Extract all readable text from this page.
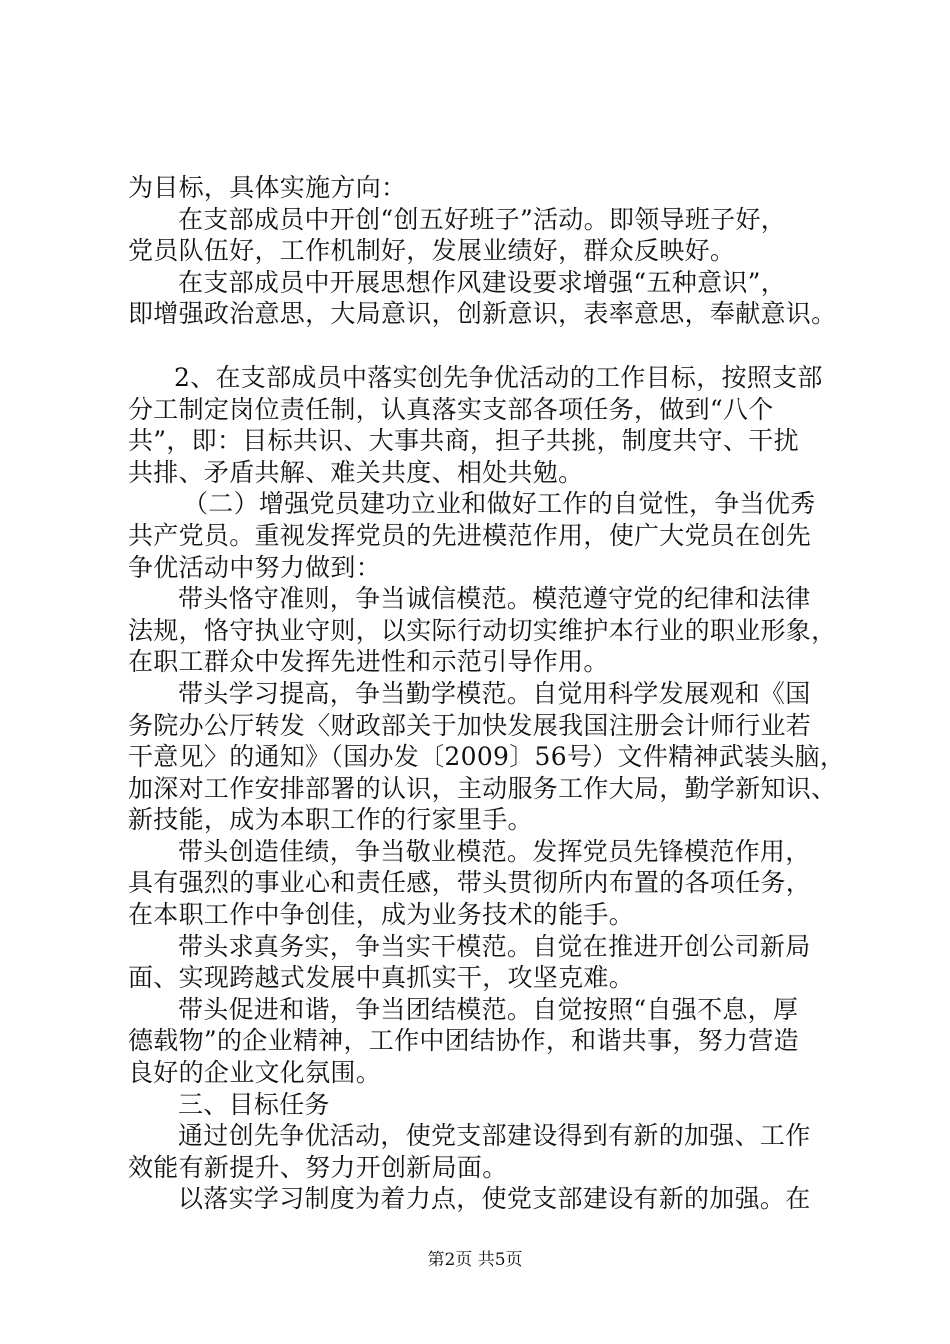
为目标，具体实施方向：
在支部成员中开创“创五好班子”活动。即领导班子好，
党员队伍好，工作机制好，发展业绩好，群众反映好。
在支部成员中开展思想作风建设要求增强“五种意识”，
即增强政治意思，大局意识，创新意识，表率意思，奉献意识。
2、在支部成员中落实创先争优活动的工作目标，按照支部
分工制定岗位责任制，认真落实支部各项任务，做到“八个
共”，即：目标共识、大事共商，担子共挑，制度共守、干扰
共排、矛盾共解、难关共度、相处共勉。
（二）增强党员建功立业和做好工作的自觉性，争当优秀
共产党员。重视发挥党员的先进模范作用，使广大党员在创先
争优活动中努力做到：
带头恪守准则，争当诚信模范。模范遵守党的纪律和法律
法规，恪守执业守则，以实际行动切实维护本行业的职业形象，
在职工群众中发挥先进性和示范引导作用。
带头学习提高，争当勤学模范。自觉用科学发展观和《国
务院办公厅转发〈财政部关于加快发展我国注册会计师行业若
干意见〉的通知》（国办发〔2009〕56号）文件精神武装头脑，
加深对工作安排部署的认识，主动服务工作大局，勤学新知识、
新技能，成为本职工作的行家里手。
带头创造佳绩，争当敬业模范。发挥党员先锋模范作用，
具有强烈的事业心和责任感，带头贯彻所内布置的各项任务，
在本职工作中争创佳，成为业务技术的能手。
带头求真务实，争当实干模范。自觉在推进开创公司新局
面、实现跨越式发展中真抓实干，攻坚克难。
带头促进和谐，争当团结模范。自觉按照“自强不息，厚
德载物”的企业精神，工作中团结协作，和谐共事，努力营造
良好的企业文化氛围。
三、目标任务
通过创先争优活动，使党支部建设得到有新的加强、工作
效能有新提升、努力开创新局面。
以落实学习制度为着力点，使党支部建设有新的加强。在
第2页 共5页
